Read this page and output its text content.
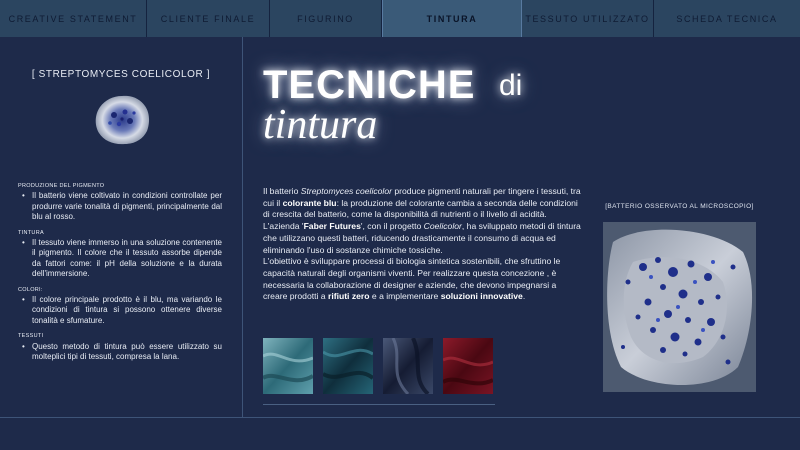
CREATIVE STATEMENT	CLIENTE FINALE	FIGURINO	TINTURA	TESSUTO UTILIZZATO	SCHEDA TECNICA
[ STREPTOMYCES COELICOLOR ]
PRODUZIONE DEL PIGMENTO
• Il batterio viene coltivato in condizioni controllate per produrre varie tonalità di pigmenti, principalmente dal blu al rosso.
TINTURA
• Il tessuto viene immerso in una soluzione contenente il pigmento. Il colore che il tessuto assorbe dipende da fattori come: il pH della soluzione e la durata dell'immersione.
COLORI:
• Il colore principale prodotto è il blu, ma variando le condizioni di tintura si possono ottenere diverse tonalità e sfumature.
TESSUTI
• Questo metodo di tintura può essere utilizzato su molteplici tipi di tessuti, compresa la lana.
TECNICHE di
tintura
Il batterio Streptomyces coelicolor produce pigmenti naturali per tingere i tessuti, tra cui il colorante blu: la produzione del colorante cambia a seconda delle condizioni di crescita del batterio, come la disponibilità di nutrienti o il livello di acidità.
L'azienda 'Faber Futures', con il progetto Coelicolor, ha sviluppato metodi di tintura che utilizzano questi batteri, riducendo drasticamente il consumo di acqua ed eliminando l'uso di sostanze chimiche tossiche.
L'obiettivo è sviluppare processi di biologia sintetica sostenibili, che sfruttino le capacità naturali degli organismi viventi. Per realizzare questa concezione , è necessaria la collaborazione di designer e aziende, che devono impegnarsi a creare prodotti a rifiuti zero e a implementare soluzioni innovative.
[BATTERIO OSSERVATO AL MICROSCOPIO]
